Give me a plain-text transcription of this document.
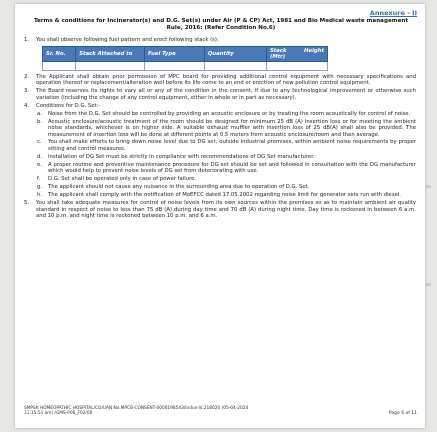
Annexure - II
Terms & conditions for Incinerator(s) and D.G. Set(s) under Air (P & CP) Act, 1981 and Bio Medical waste management Rule, 2016: (Refer Condition No.6)
1. You shall observe following fuel pattern and erect following stack (s):
Sr. No.	Stack Attached to	Fuel Type	Quantity	Stack Height (Mtr)

2. The Applicant shall obtain prior permission of MPC board for providing additional control equipment with necessary specifications and operation thereof or replacement/alteration well before its life come to an end or erection of new pollution control equipment.
3. The Board reserves its rights to vary all or any of the condition in the consent, if due to any technological improvement or otherwise such variation (including the change of any control equipment, either in whole or in part as necessary).
4. Conditions for D.G. Set:-
a. Noise from the D.G. Set should be controlled by providing an acoustic enclosure or by treating the room acoustically for control of noise.
b. Acoustic enclosure/acoustic treatment of the room should be designed for minimum 25 dB (A) insertion loss or for meeting the ambient noise standards, whichever is on higher side. A suitable exhaust muffler with insertion loss of 25 dB(A) shall also be provided. The measurement of insertion loss will be done at different points at 0.5 meters from acoustic enclosure/room and then average.
c. You shall make efforts to bring down noise level due to DG set, outside industrial premises, within ambient noise requirements by proper sitting and control measures.
d. Installation of DG Set must be strictly in compliance with recommendations of DG Set manufacturer.
e. A proper routine and preventive maintenance procedure for DG set should be set and followed in consultation with the DG manufacturer which would help to prevent noise levels of DG set from deteriorating with use.
f. D.G. Set shall be operated only in case of power failure.
g. The applicant should not cause any nuisance in the surrounding area due to operation of D.G. Set.
h. The applicant shall comply with the notification of MoEFCC dated 17.05.2002 regarding noise limit for generator sets run with diesel.
5. You shall take adequate measures for control of noise levels from its own sources within the premises so as to maintain ambient air quality standard in respect of noise to less than 75 dB (A) during day time and 70 dB (A) during night time. Day time is reckoned in between 6 a.m. and 10 p.m. and night time is reckoned between 10 p.m. and 6 a.m.
SMPSK HOMEOPATHIC HOSPITAL/CO/UAN No.MPCB-CONSENT-0000198543/Indus-ld.218020 (05-04-2024
11:15:51 am) /GMS-P06_F02/00	Page 6 of 11
